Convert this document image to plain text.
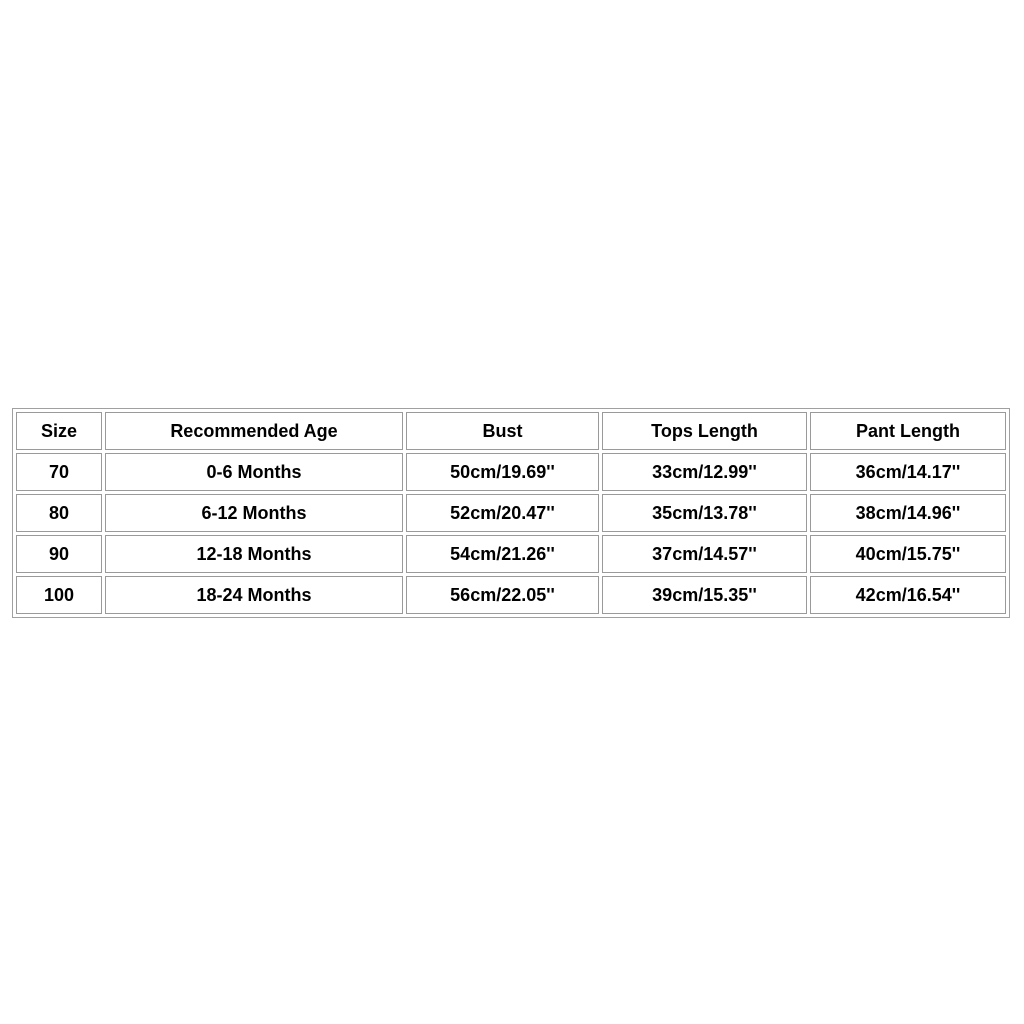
Size	Recommended Age	Bust	Tops Length	Pant Length
70	0-6 Months	50cm/19.69''	33cm/12.99''	36cm/14.17''
80	6-12 Months	52cm/20.47''	35cm/13.78''	38cm/14.96''
90	12-18 Months	54cm/21.26''	37cm/14.57''	40cm/15.75''
100	18-24 Months	56cm/22.05''	39cm/15.35''	42cm/16.54''
